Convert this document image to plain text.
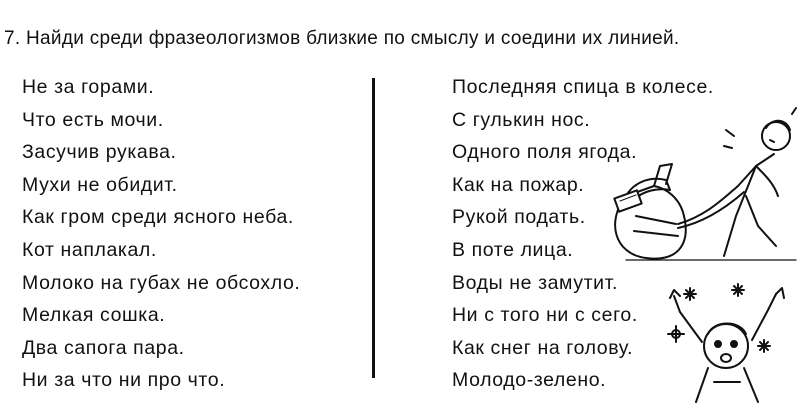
7. Найди среди фразеологизмов близкие по смыслу и соедини их линией.
Не за горами.
Что есть мочи.
Засучив рукава.
Мухи не обидит.
Как гром среди ясного неба.
Кот наплакал.
Молоко на губах не обсохло.
Мелкая сошка.
Два сапога пара.
Ни за что ни про что.
Последняя спица в колесе.
С гулькин нос.
Одного поля ягода.
Как на пожар.
Рукой подать.
В поте лица.
Воды не замутит.
Ни с того ни с сего.
Как снег на голову.
Молодо-зелено.
